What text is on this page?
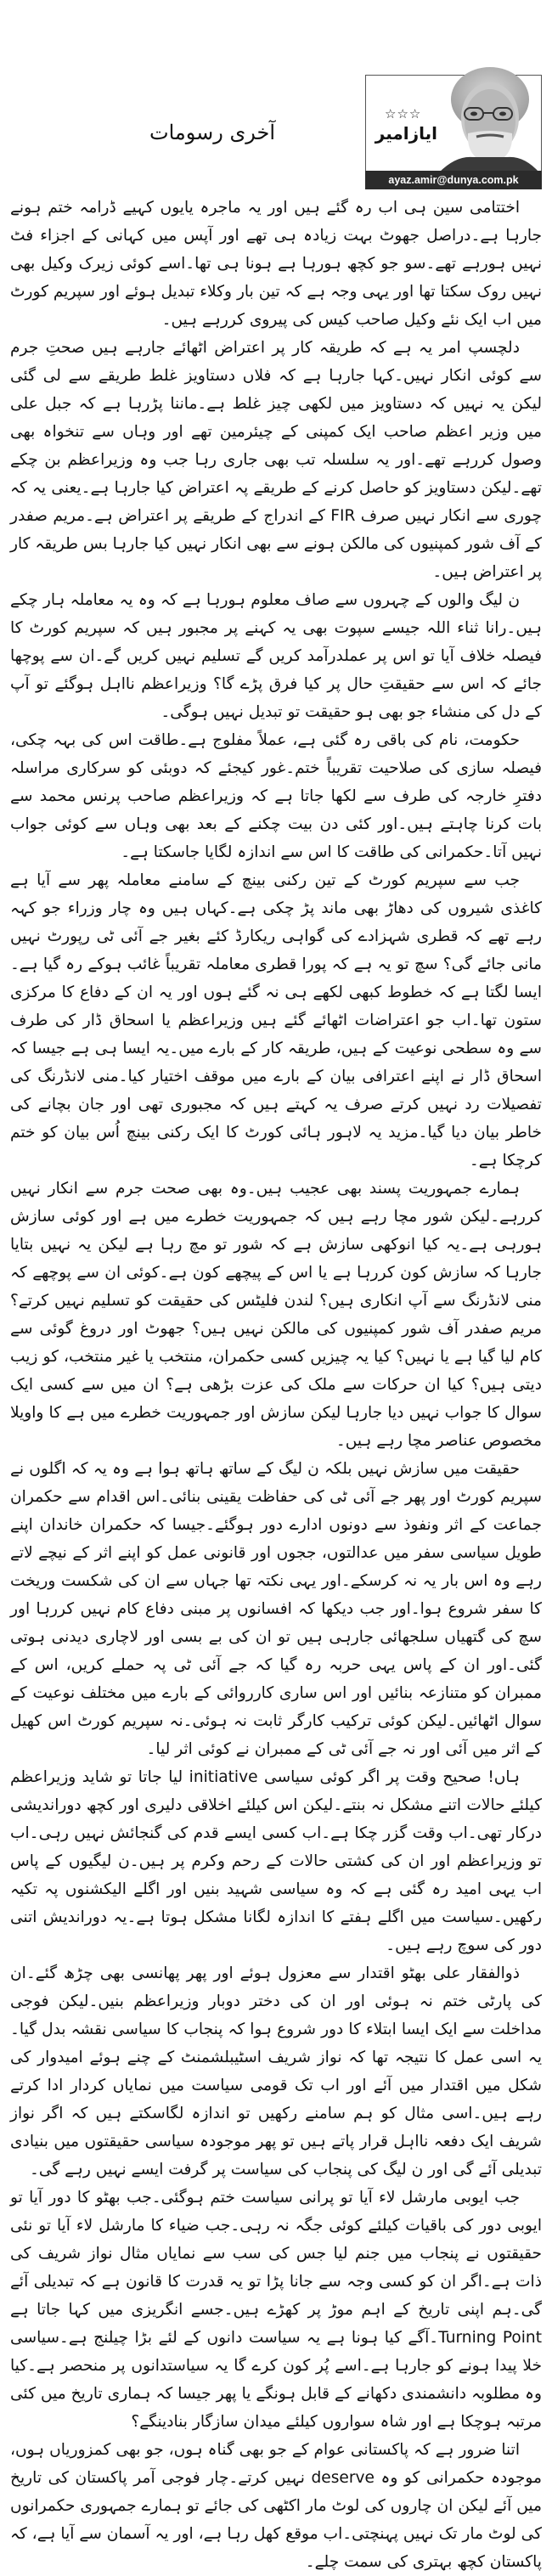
آخری رسومات
☆☆☆
ایازامیر
ayaz.amir@dunya.com.pk

اختتامی سین ہی اب رہ گئے ہیں اور یہ ماجرہ یایوں کہیے ڈرامہ ختم ہونے جارہا ہے۔دراصل جھوٹ بہت زیادہ ہی تھے اور آپس میں کہانی کے اجزاء فٹ نہیں ہورہے تھے۔سو جو کچھ ہورہا ہے ہونا ہی تھا۔اسے کوئی زیرک وکیل بھی نہیں روک سکتا تھا اور یہی وجہ ہے کہ تین بار وکلاء تبدیل ہوئے اور سپریم کورٹ میں اب ایک نئے وکیل صاحب کیس کی پیروی کررہے ہیں۔

دلچسپ امر یہ ہے کہ طریقہ کار پر اعتراض اٹھائے جارہے ہیں صحتِ جرم سے کوئی انکار نہیں۔کہا جارہا ہے کہ فلاں دستاویز غلط طریقے سے لی گئی لیکن یہ نہیں کہ دستاویز میں لکھی چیز غلط ہے۔ماننا پڑرہا ہے کہ جبل علی میں وزیر اعظم صاحب ایک کمپنی کے چیئرمین تھے اور وہاں سے تنخواہ بھی وصول کررہے تھے۔اور یہ سلسلہ تب بھی جاری رہا جب وہ وزیراعظم بن چکے تھے۔لیکن دستاویز کو حاصل کرنے کے طریقے پہ اعتراض کیا جارہا ہے۔یعنی یہ کہ چوری سے انکار نہیں صرف FIR کے اندراج کے طریقے پر اعتراض ہے۔مریم صفدر کے آف شور کمپنیوں کی مالکن ہونے سے بھی انکار نہیں کیا جارہا بس طریقہ کار پر اعتراض ہیں۔

ن لیگ والوں کے چہروں سے صاف معلوم ہورہا ہے کہ وہ یہ معاملہ ہار چکے ہیں۔رانا ثناء اللہ جیسے سپوت بھی یہ کہنے پر مجبور ہیں کہ سپریم کورٹ کا فیصلہ خلاف آیا تو اس پر عملدرآمد کریں گے تسلیم نہیں کریں گے۔ان سے پوچھا جائے کہ اس سے حقیقتِ حال پر کیا فرق پڑے گا؟ وزیراعظم نااہل ہوگئے تو آپ کے دل کی منشاء جو بھی ہو حقیقت تو تبدیل نہیں ہوگی۔

حکومت، نام کی باقی رہ گئی ہے، عملاً مفلوج ہے۔طاقت اس کی بہہ چکی، فیصلہ سازی کی صلاحیت تقریباً ختم۔غور کیجئے کہ دوبئی کو سرکاری مراسلہ دفترِ خارجہ کی طرف سے لکھا جاتا ہے کہ وزیراعظم صاحب پرنس محمد سے بات کرنا چاہتے ہیں۔اور کئی دن بیت چکنے کے بعد بھی وہاں سے کوئی جواب نہیں آتا۔حکمرانی کی طاقت کا اس سے اندازہ لگایا جاسکتا ہے۔

جب سے سپریم کورٹ کے تین رکنی بینچ کے سامنے معاملہ پھر سے آیا ہے کاغذی شیروں کی دھاڑ بھی ماند پڑ چکی ہے۔کہاں ہیں وہ چار وزراء جو کہہ رہے تھے کہ قطری شہزادے کی گواہی ریکارڈ کئے بغیر جے آئی ٹی رپورٹ نہیں مانی جائے گی؟ سچ تو یہ ہے کہ پورا قطری معاملہ تقریباً غائب ہوکے رہ گیا ہے۔ایسا لگتا ہے کہ خطوط کبھی لکھے ہی نہ گئے ہوں اور یہ ان کے دفاع کا مرکزی ستون تھا۔اب جو اعتراضات اٹھائے گئے ہیں وزیراعظم یا اسحاق ڈار کی طرف سے وہ سطحی نوعیت کے ہیں، طریقہ کار کے بارے میں۔یہ ایسا ہی ہے جیسا کہ اسحاق ڈار نے اپنے اعترافی بیان کے بارے میں موقف اختیار کیا۔منی لانڈرنگ کی تفصیلات رد نہیں کرتے صرف یہ کہتے ہیں کہ مجبوری تھی اور جان بچانے کی خاطر بیان دیا گیا۔مزید یہ لاہور ہائی کورٹ کا ایک رکنی بینچ اُس بیان کو ختم کرچکا ہے۔

ہمارے جمہوریت پسند بھی عجیب ہیں۔وہ بھی صحت جرم سے انکار نہیں کررہے۔لیکن شور مچا رہے ہیں کہ جمہوریت خطرے میں ہے اور کوئی سازش ہورہی ہے۔یہ کیا انوکھی سازش ہے کہ شور تو مچ رہا ہے لیکن یہ نہیں بتایا جارہا کہ سازش کون کررہا ہے یا اس کے پیچھے کون ہے۔کوئی ان سے پوچھے کہ منی لانڈرنگ سے آپ انکاری ہیں؟ لندن فلیٹس کی حقیقت کو تسلیم نہیں کرتے؟ مریم صفدر آف شور کمپنیوں کی مالکن نہیں ہیں؟ جھوٹ اور دروغ گوئی سے کام لیا گیا ہے یا نہیں؟ کیا یہ چیزیں کسی حکمران، منتخب یا غیر منتخب، کو زیب دیتی ہیں؟ کیا ان حرکات سے ملک کی عزت بڑھی ہے؟ ان میں سے کسی ایک سوال کا جواب نہیں دیا جارہا لیکن سازش اور جمہوریت خطرے میں ہے کا واویلا مخصوص عناصر مچا رہے ہیں۔

حقیقت میں سازش نہیں بلکہ ن لیگ کے ساتھ ہاتھ ہوا ہے وہ یہ کہ اگلوں نے سپریم کورٹ اور پھر جے آئی ٹی کی حفاظت یقینی بنائی۔اس اقدام سے حکمران جماعت کے اثر ونفوذ سے دونوں ادارے دور ہوگئے۔جیسا کہ حکمران خاندان اپنے طویل سیاسی سفر میں عدالتوں، ججوں اور قانونی عمل کو اپنے اثر کے نیچے لاتے رہے وہ اس بار یہ نہ کرسکے۔اور یہی نکتہ تھا جہاں سے ان کی شکست وریخت کا سفر شروع ہوا۔اور جب دیکھا کہ افسانوں پر مبنی دفاع کام نہیں کررہا اور سچ کی گتھیاں سلجھائی جارہی ہیں تو ان کی بے بسی اور لاچاری دیدنی ہوتی گئی۔اور ان کے پاس یہی حربہ رہ گیا کہ جے آئی ٹی پہ حملے کریں، اس کے ممبران کو متنازعہ بنائیں اور اس ساری کارروائی کے بارے میں مختلف نوعیت کے سوال اٹھائیں۔لیکن کوئی ترکیب کارگر ثابت نہ ہوئی۔نہ سپریم کورٹ اس کھیل کے اثر میں آئی اور نہ جے آئی ٹی کے ممبران نے کوئی اثر لیا۔

ہاں! صحیح وقت پر اگر کوئی سیاسی initiative لیا جاتا تو شاید وزیراعظم کیلئے حالات اتنے مشکل نہ بنتے۔لیکن اس کیلئے اخلاقی دلیری اور کچھ دوراندیشی درکار تھی۔اب وقت گزر چکا ہے۔اب کسی ایسے قدم کی گنجائش نہیں رہی۔اب تو وزیراعظم اور ان کی کشتی حالات کے رحم وکرم پر ہیں۔ن لیگیوں کے پاس اب یہی امید رہ گئی ہے کہ وہ سیاسی شہید بنیں اور اگلے الیکشنوں پہ تکیہ رکھیں۔سیاست میں اگلے ہفتے کا اندازہ لگانا مشکل ہوتا ہے۔یہ دوراندیش اتنی دور کی سوچ رہے ہیں۔

ذوالفقار علی بھٹو اقتدار سے معزول ہوئے اور پھر پھانسی بھی چڑھ گئے۔ان کی پارٹی ختم نہ ہوئی اور ان کی دختر دوبار وزیراعظم بنیں۔لیکن فوجی مداخلت سے ایک ایسا ابتلاء کا دور شروع ہوا کہ پنجاب کا سیاسی نقشہ بدل گیا۔یہ اسی عمل کا نتیجہ تھا کہ نواز شریف اسٹیبلشمنٹ کے چنے ہوئے امیدوار کی شکل میں اقتدار میں آئے اور اب تک قومی سیاست میں نمایاں کردار ادا کرتے رہے ہیں۔اسی مثال کو ہم سامنے رکھیں تو اندازہ لگاسکتے ہیں کہ اگر نواز شریف ایک دفعہ نااہل قرار پاتے ہیں تو پھر موجودہ سیاسی حقیقتوں میں بنیادی تبدیلی آئے گی اور ن لیگ کی پنجاب کی سیاست پر گرفت ایسے نہیں رہے گی۔

جب ایوبی مارشل لاء آیا تو پرانی سیاست ختم ہوگئی۔جب بھٹو کا دور آیا تو ایوبی دور کی باقیات کیلئے کوئی جگہ نہ رہی۔جب ضیاء کا مارشل لاء آیا تو نئی حقیقتوں نے پنجاب میں جنم لیا جس کی سب سے نمایاں مثال نواز شریف کی ذات ہے۔اگر ان کو کسی وجہ سے جانا پڑا تو یہ قدرت کا قانون ہے کہ تبدیلی آئے گی۔ہم اپنی تاریخ کے اہم موڑ پر کھڑے ہیں۔جسے انگریزی میں کہا جاتا ہے Turning Point۔آگے کیا ہونا ہے یہ سیاست دانوں کے لئے بڑا چیلنج ہے۔سیاسی خلا پیدا ہونے کو جارہا ہے۔اسے پُر کون کرے گا یہ سیاستدانوں پر منحصر ہے۔کیا وہ مطلوبہ دانشمندی دکھانے کے قابل ہونگے یا پھر جیسا کہ ہماری تاریخ میں کئی مرتبہ ہوچکا ہے اور شاہ سواروں کیلئے میدان سازگار بنادینگے؟

اتنا ضرور ہے کہ پاکستانی عوام کے جو بھی گناہ ہوں، جو بھی کمزوریاں ہوں، موجودہ حکمرانی کو وہ deserve نہیں کرتے۔چار فوجی آمر پاکستان کی تاریخ میں آئے لیکن ان چاروں کی لوٹ مار اکٹھی کی جائے تو ہمارے جمہوری حکمرانوں کی لوٹ مار تک نہیں پہنچتی۔اب موقع کھل رہا ہے، اور یہ آسمان سے آیا ہے، کہ پاکستان کچھ بہتری کی سمت چلے۔
